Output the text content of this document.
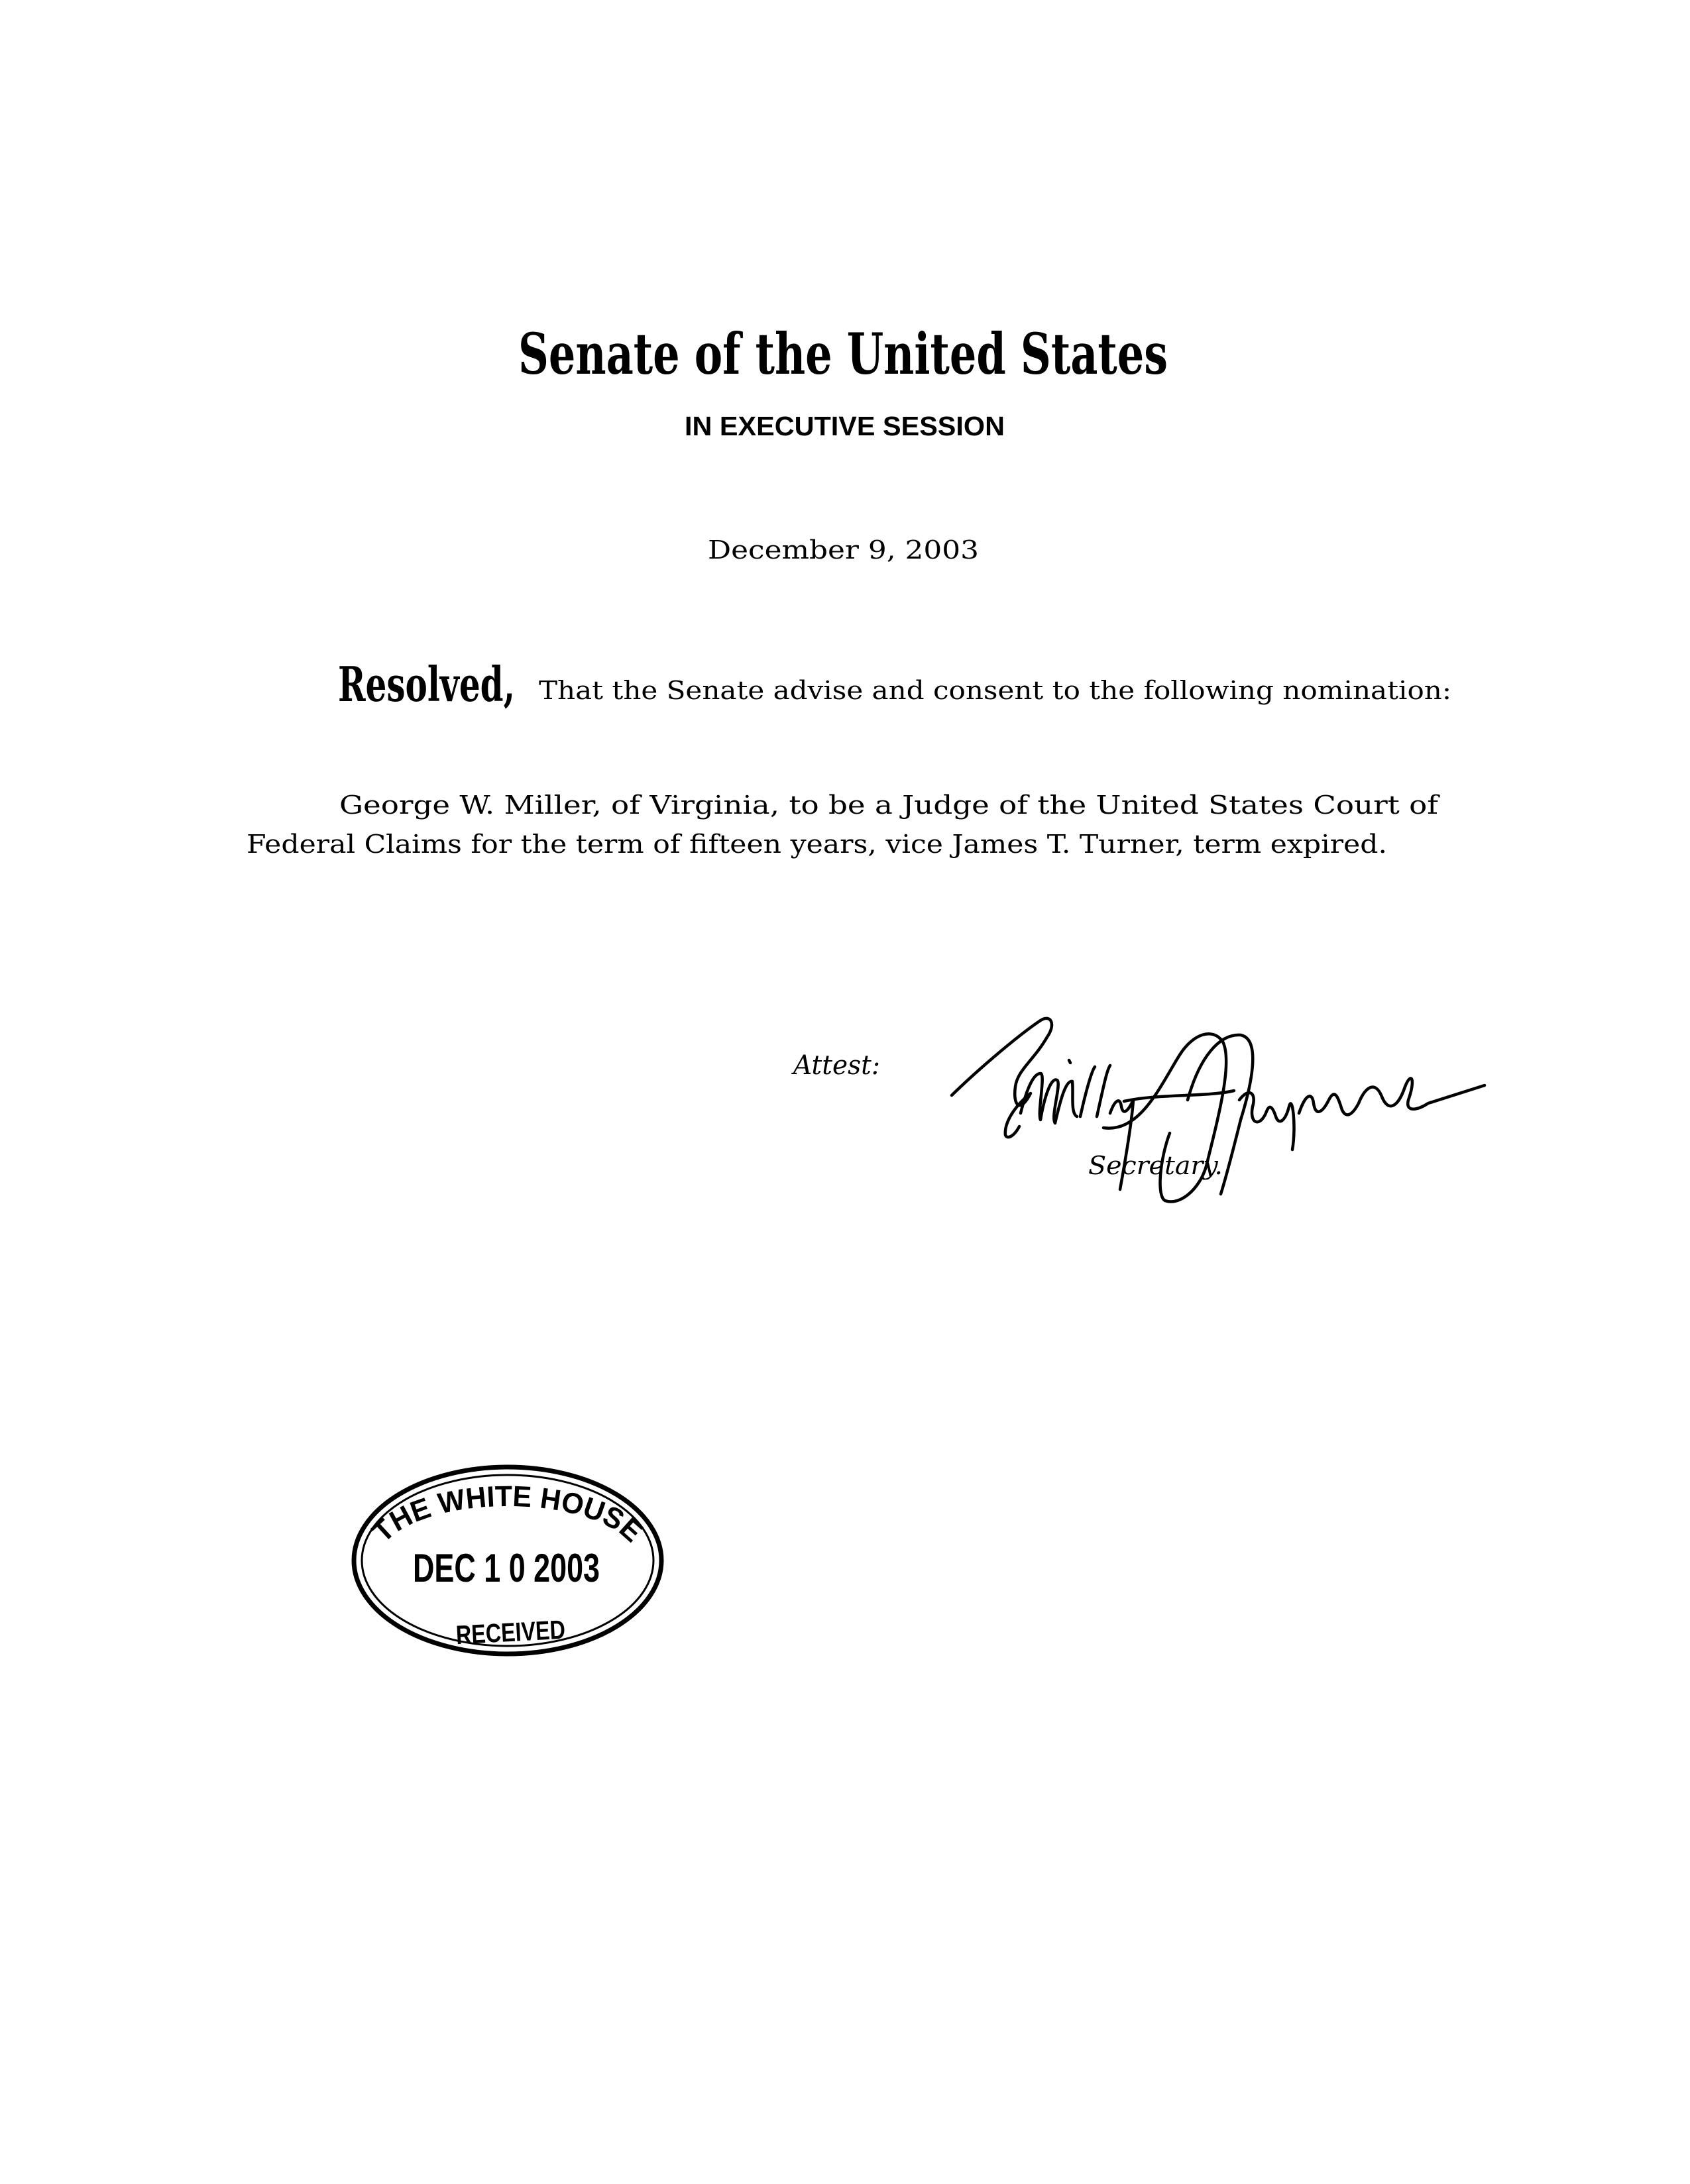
Senate of the United States
IN EXECUTIVE SESSION
December 9, 2003
Resolved, That the Senate advise and consent to the following nomination:
George W. Miller, of Virginia, to be a Judge of the United States Court of
Federal Claims for the term of fifteen years, vice James T. Turner, term expired.
Attest:
Secretary.
THE WHITE HOUSE
DEC 1 0 2003
RECEIVED
